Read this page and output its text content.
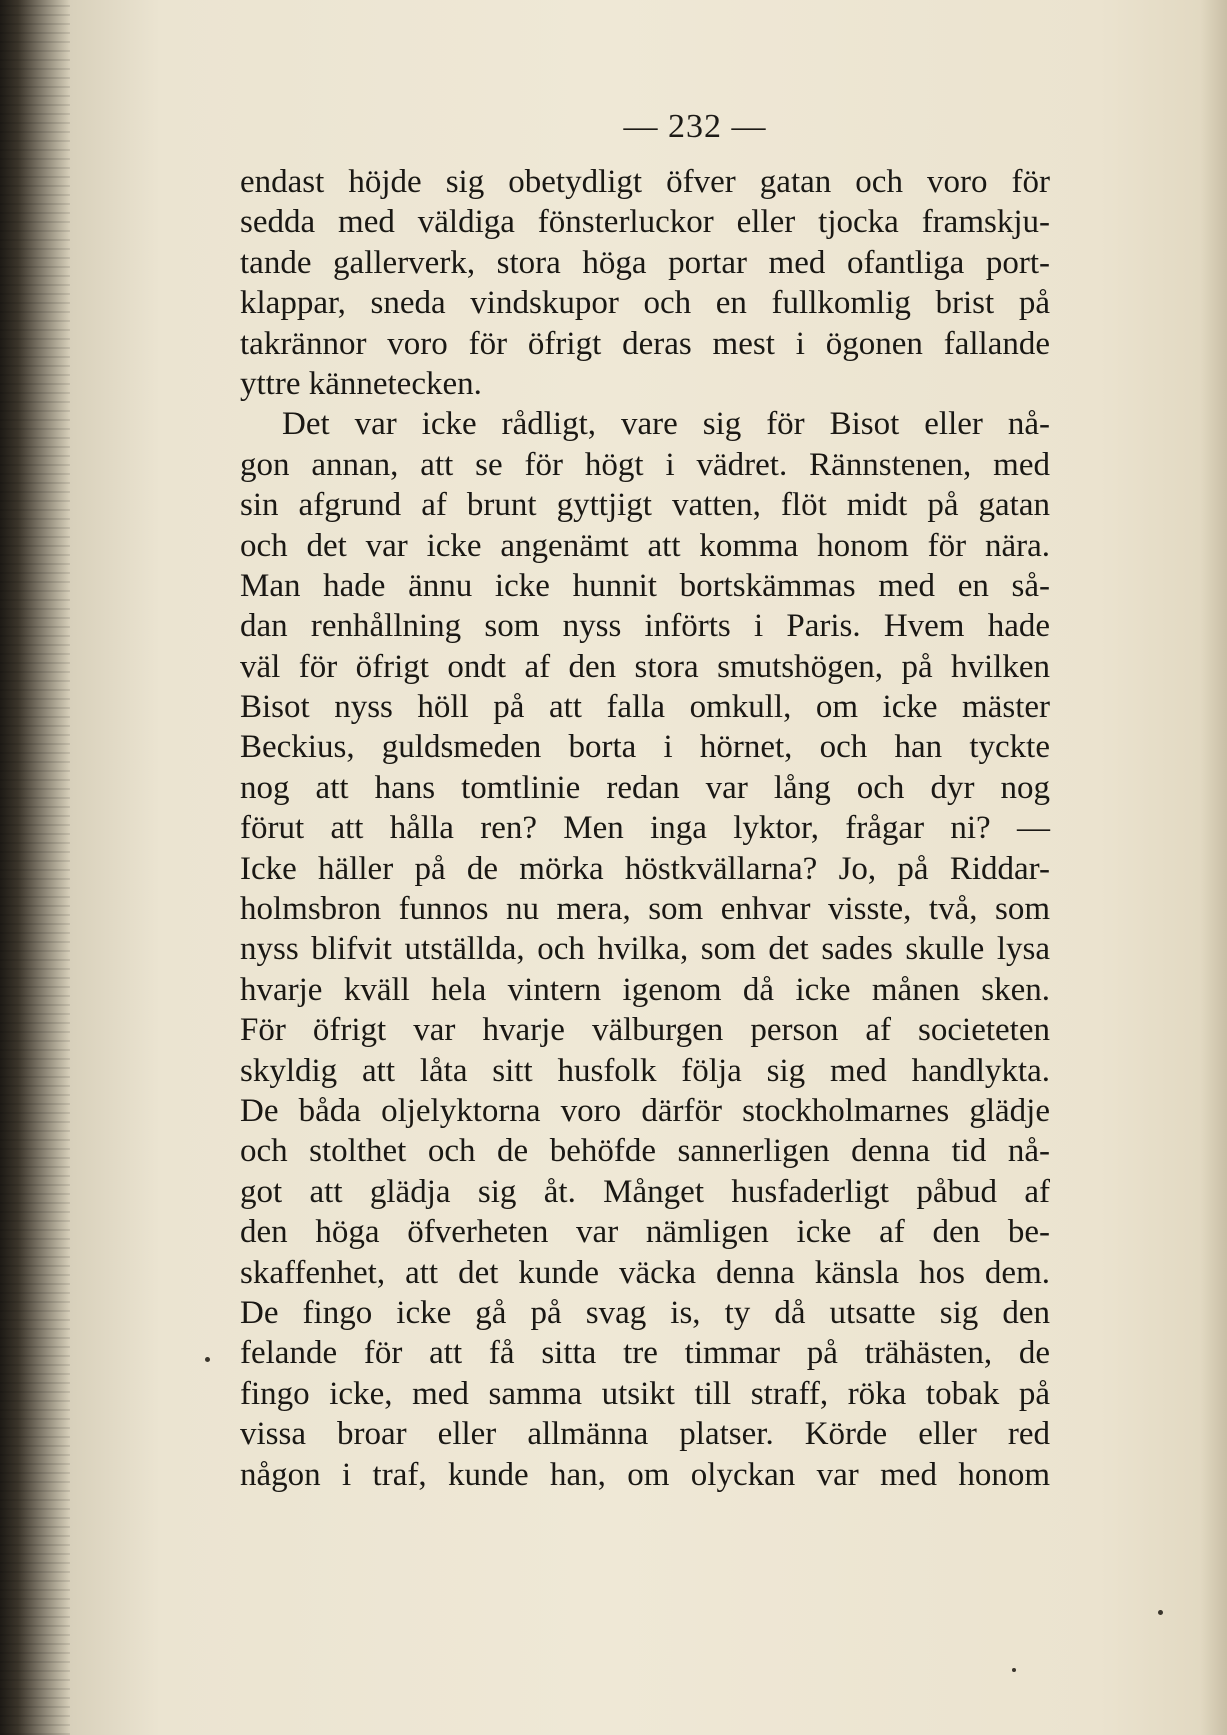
— 232 —
endast höjde sig obetydligt öfver gatan och voro för
sedda med väldiga fönsterluckor eller tjocka framskju-
tande gallerverk, stora höga portar med ofantliga port-
klappar, sneda vindskupor och en fullkomlig brist på
takrännor voro för öfrigt deras mest i ögonen fallande
yttre kännetecken.
Det var icke rådligt, vare sig för Bisot eller nå-
gon annan, att se för högt i vädret. Rännstenen, med
sin afgrund af brunt gyttjigt vatten, flöt midt på gatan
och det var icke angenämt att komma honom för nära.
Man hade ännu icke hunnit bortskämmas med en så-
dan renhållning som nyss införts i Paris. Hvem hade
väl för öfrigt ondt af den stora smutshögen, på hvilken
Bisot nyss höll på att falla omkull, om icke mäster
Beckius, guldsmeden borta i hörnet, och han tyckte
nog att hans tomtlinie redan var lång och dyr nog
förut att hålla ren? Men inga lyktor, frågar ni? —
Icke häller på de mörka höstkvällarna? Jo, på Riddar-
holmsbron funnos nu mera, som enhvar visste, två, som
nyss blifvit utställda, och hvilka, som det sades skulle lysa
hvarje kväll hela vintern igenom då icke månen sken.
För öfrigt var hvarje välburgen person af societeten
skyldig att låta sitt husfolk följa sig med handlykta.
De båda oljelyktorna voro därför stockholmarnes glädje
och stolthet och de behöfde sannerligen denna tid nå-
got att glädja sig åt. Månget husfaderligt påbud af
den höga öfverheten var nämligen icke af den be-
skaffenhet, att det kunde väcka denna känsla hos dem.
De fingo icke gå på svag is, ty då utsatte sig den
felande för att få sitta tre timmar på trähästen, de
fingo icke, med samma utsikt till straff, röka tobak på
vissa broar eller allmänna platser. Körde eller red
någon i traf, kunde han, om olyckan var med honom
